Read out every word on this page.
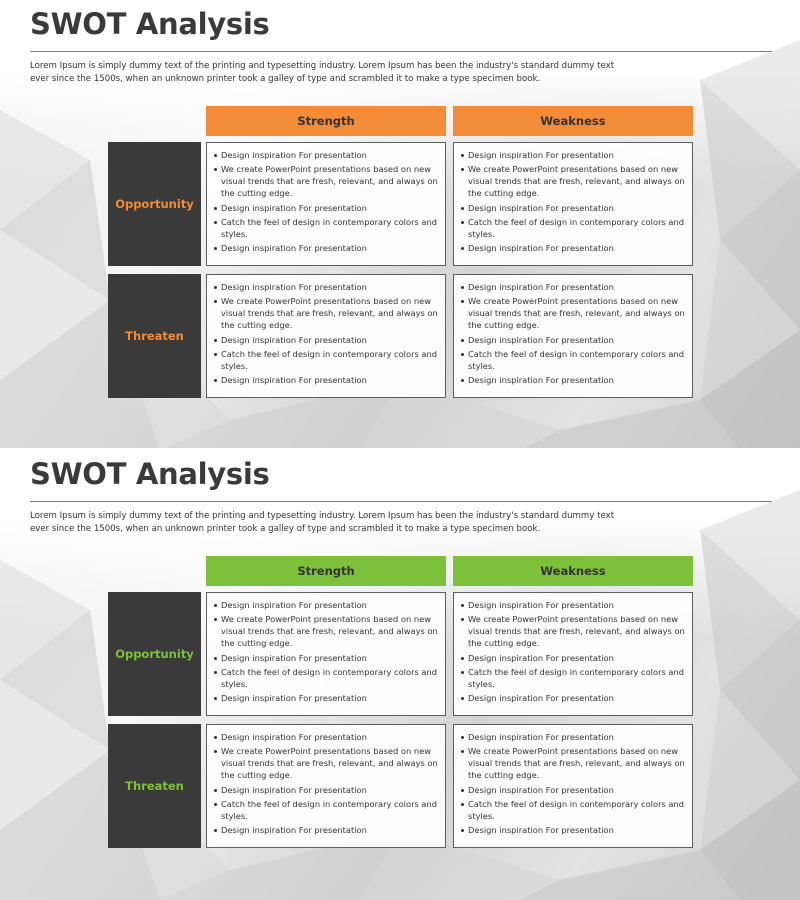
SWOT Analysis
Lorem Ipsum is simply dummy text of the printing and typesetting industry. Lorem Ipsum has been the industry's standard dummy text ever since the 1500s, when an unknown printer took a galley of type and scrambled it to make a type specimen book.
Strength	Weakness
Opportunity
Threaten
Design inspiration For presentation
We create PowerPoint presentations based on new visual trends that are fresh, relevant, and always on the cutting edge.
Design inspiration For presentation
Catch the feel of design in contemporary colors and styles.
Design inspiration For presentation
Design inspiration For presentation
We create PowerPoint presentations based on new visual trends that are fresh, relevant, and always on the cutting edge.
Design inspiration For presentation
Catch the feel of design in contemporary colors and styles.
Design inspiration For presentation
Design inspiration For presentation
We create PowerPoint presentations based on new visual trends that are fresh, relevant, and always on the cutting edge.
Design inspiration For presentation
Catch the feel of design in contemporary colors and styles.
Design inspiration For presentation
Design inspiration For presentation
We create PowerPoint presentations based on new visual trends that are fresh, relevant, and always on the cutting edge.
Design inspiration For presentation
Catch the feel of design in contemporary colors and styles.
Design inspiration For presentation
SWOT Analysis
Lorem Ipsum is simply dummy text of the printing and typesetting industry. Lorem Ipsum has been the industry's standard dummy text ever since the 1500s, when an unknown printer took a galley of type and scrambled it to make a type specimen book.
Strength	Weakness
Opportunity
Threaten
Design inspiration For presentation
We create PowerPoint presentations based on new visual trends that are fresh, relevant, and always on the cutting edge.
Design inspiration For presentation
Catch the feel of design in contemporary colors and styles.
Design inspiration For presentation
Design inspiration For presentation
We create PowerPoint presentations based on new visual trends that are fresh, relevant, and always on the cutting edge.
Design inspiration For presentation
Catch the feel of design in contemporary colors and styles.
Design inspiration For presentation
Design inspiration For presentation
We create PowerPoint presentations based on new visual trends that are fresh, relevant, and always on the cutting edge.
Design inspiration For presentation
Catch the feel of design in contemporary colors and styles.
Design inspiration For presentation
Design inspiration For presentation
We create PowerPoint presentations based on new visual trends that are fresh, relevant, and always on the cutting edge.
Design inspiration For presentation
Catch the feel of design in contemporary colors and styles.
Design inspiration For presentation
